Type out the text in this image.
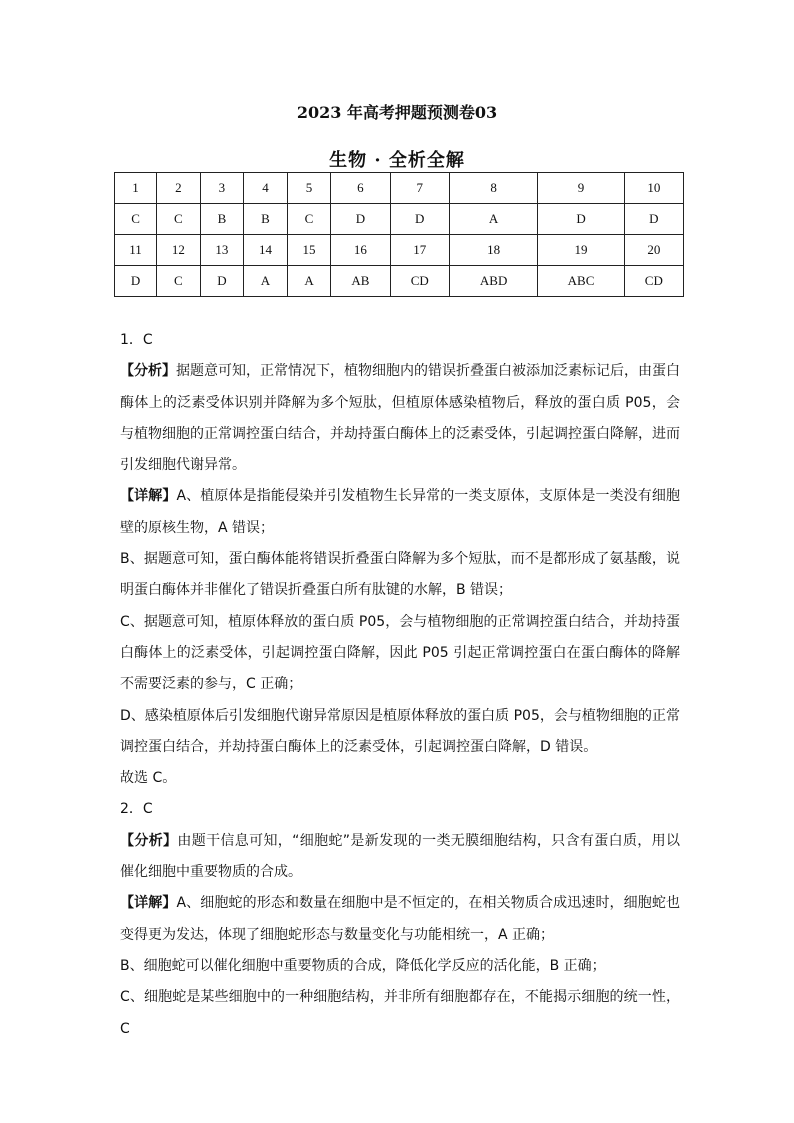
2023 年高考押题预测卷03
生物 · 全析全解
1	2	3	4	5	6	7	8	9	10
C	C	B	B	C	D	D	A	D	D
11	12	13	14	15	16	17	18	19	20
D	C	D	A	A	AB	CD	ABD	ABC	CD

1．C

【分析】据题意可知，正常情况下，植物细胞内的错误折叠蛋白被添加泛素标记后，由蛋白酶体上的泛素受体识别并降解为多个短肽，但植原体感染植物后，释放的蛋白质 P05，会与植物细胞的正常调控蛋白结合，并劫持蛋白酶体上的泛素受体，引起调控蛋白降解，进而引发细胞代谢异常。

【详解】A、植原体是指能侵染并引发植物生长异常的一类支原体，支原体是一类没有细胞壁的原核生物，A 错误；

B、据题意可知，蛋白酶体能将错误折叠蛋白降解为多个短肽，而不是都形成了氨基酸，说明蛋白酶体并非催化了错误折叠蛋白所有肽键的水解，B 错误；

C、据题意可知，植原体释放的蛋白质 P05，会与植物细胞的正常调控蛋白结合，并劫持蛋白酶体上的泛素受体，引起调控蛋白降解，因此 P05 引起正常调控蛋白在蛋白酶体的降解不需要泛素的参与，C 正确；

D、感染植原体后引发细胞代谢异常原因是植原体释放的蛋白质 P05，会与植物细胞的正常调控蛋白结合，并劫持蛋白酶体上的泛素受体，引起调控蛋白降解，D 错误。

故选 C。

2．C

【分析】由题干信息可知，“细胞蛇”是新发现的一类无膜细胞结构，只含有蛋白质，用以催化细胞中重要物质的合成。

【详解】A、细胞蛇的形态和数量在细胞中是不恒定的，在相关物质合成迅速时，细胞蛇也变得更为发达，体现了细胞蛇形态与数量变化与功能相统一，A 正确；

B、细胞蛇可以催化细胞中重要物质的合成，降低化学反应的活化能，B 正确；

C、细胞蛇是某些细胞中的一种细胞结构，并非所有细胞都存在，不能揭示细胞的统一性，C
